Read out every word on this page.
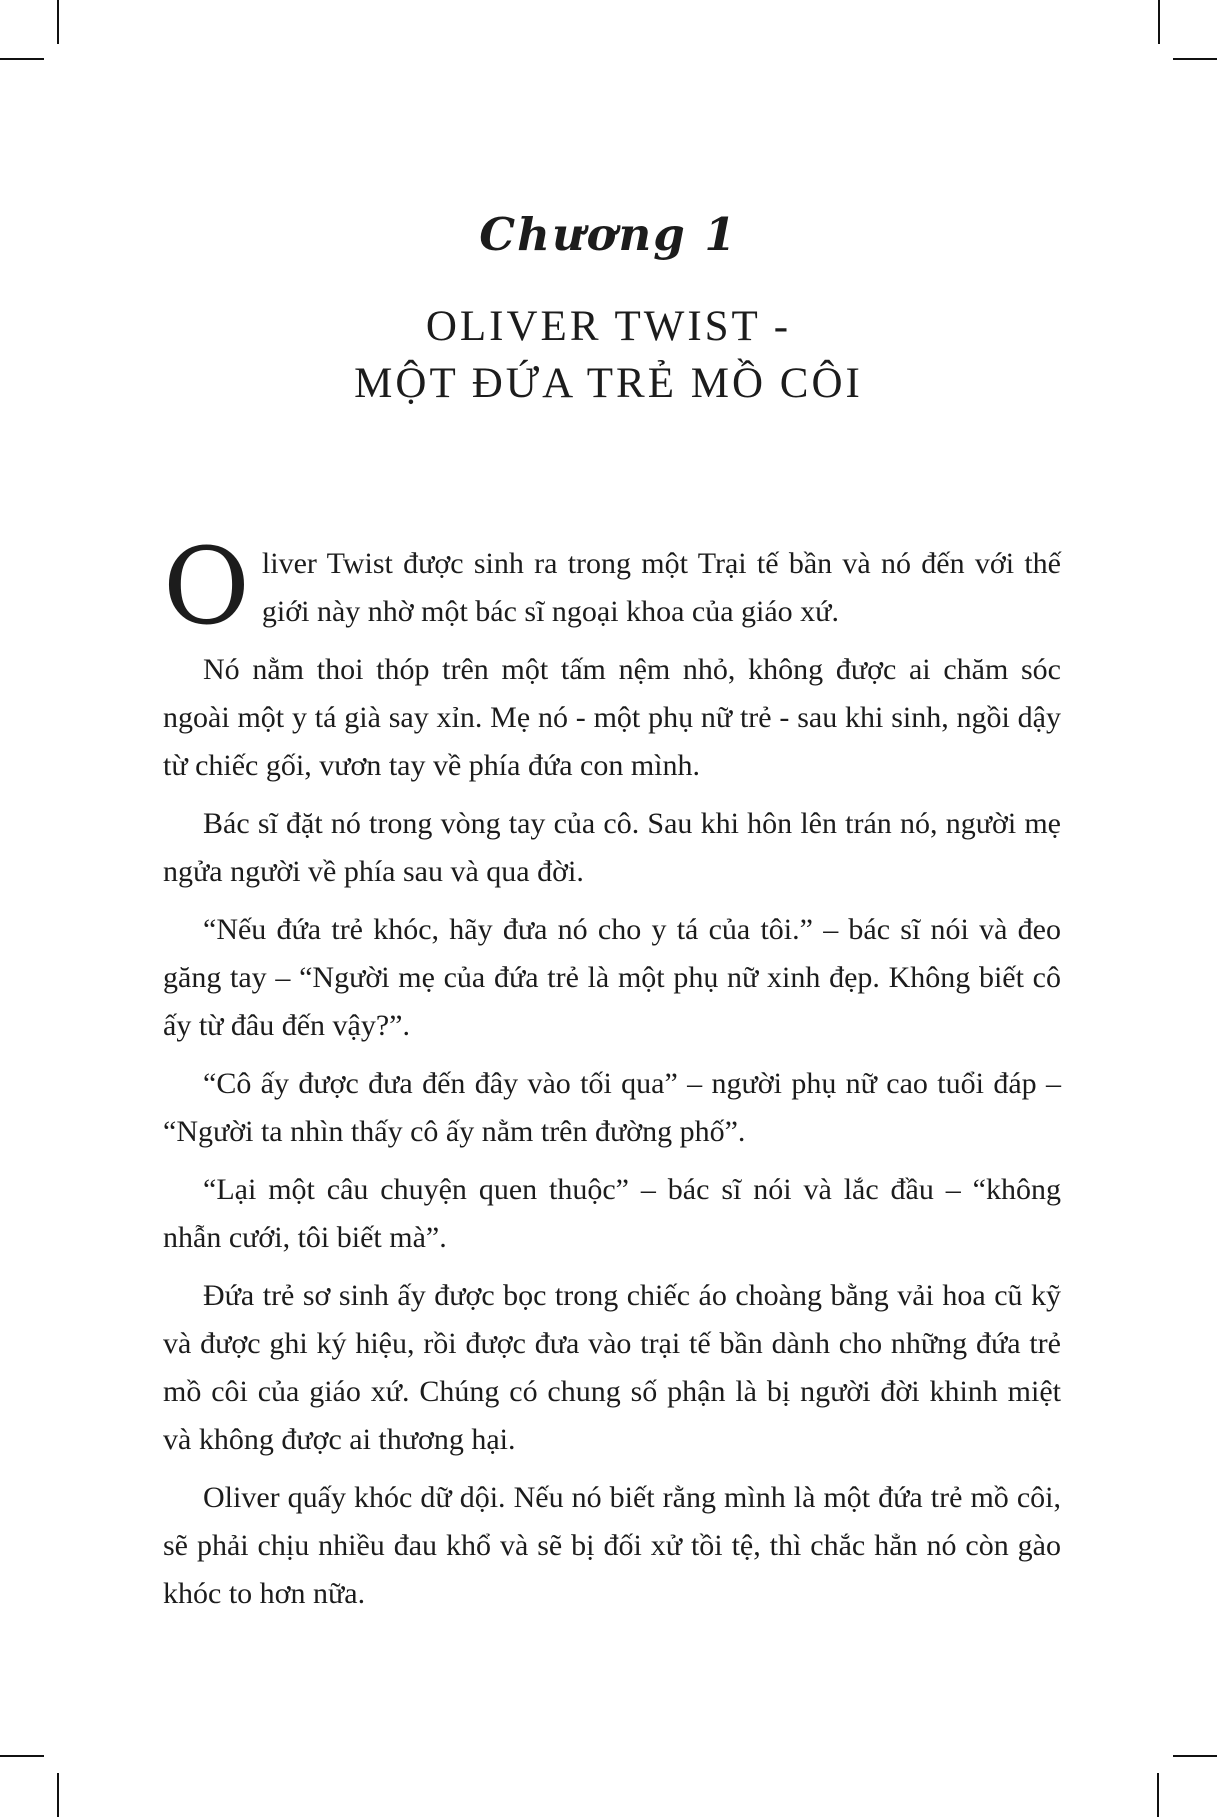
Chương 1
OLIVER TWIST -
MỘT ĐỨA TRẺ MỒ CÔI

Oliver Twist được sinh ra trong một Trại tế bần và nó đến với thế giới này nhờ một bác sĩ ngoại khoa của giáo xứ.

Nó nằm thoi thóp trên một tấm nệm nhỏ, không được ai chăm sóc ngoài một y tá già say xỉn. Mẹ nó - một phụ nữ trẻ - sau khi sinh, ngồi dậy từ chiếc gối, vươn tay về phía đứa con mình.

Bác sĩ đặt nó trong vòng tay của cô. Sau khi hôn lên trán nó, người mẹ ngửa người về phía sau và qua đời.

“Nếu đứa trẻ khóc, hãy đưa nó cho y tá của tôi.” – bác sĩ nói và đeo găng tay – “Người mẹ của đứa trẻ là một phụ nữ xinh đẹp. Không biết cô ấy từ đâu đến vậy?”.

“Cô ấy được đưa đến đây vào tối qua” – người phụ nữ cao tuổi đáp – “Người ta nhìn thấy cô ấy nằm trên đường phố”.

“Lại một câu chuyện quen thuộc” – bác sĩ nói và lắc đầu – “không nhẫn cưới, tôi biết mà”.

Đứa trẻ sơ sinh ấy được bọc trong chiếc áo choàng bằng vải hoa cũ kỹ và được ghi ký hiệu, rồi được đưa vào trại tế bần dành cho những đứa trẻ mồ côi của giáo xứ. Chúng có chung số phận là bị người đời khinh miệt và không được ai thương hại.

Oliver quấy khóc dữ dội. Nếu nó biết rằng mình là một đứa trẻ mồ côi, sẽ phải chịu nhiều đau khổ và sẽ bị đối xử tồi tệ, thì chắc hẳn nó còn gào khóc to hơn nữa.
